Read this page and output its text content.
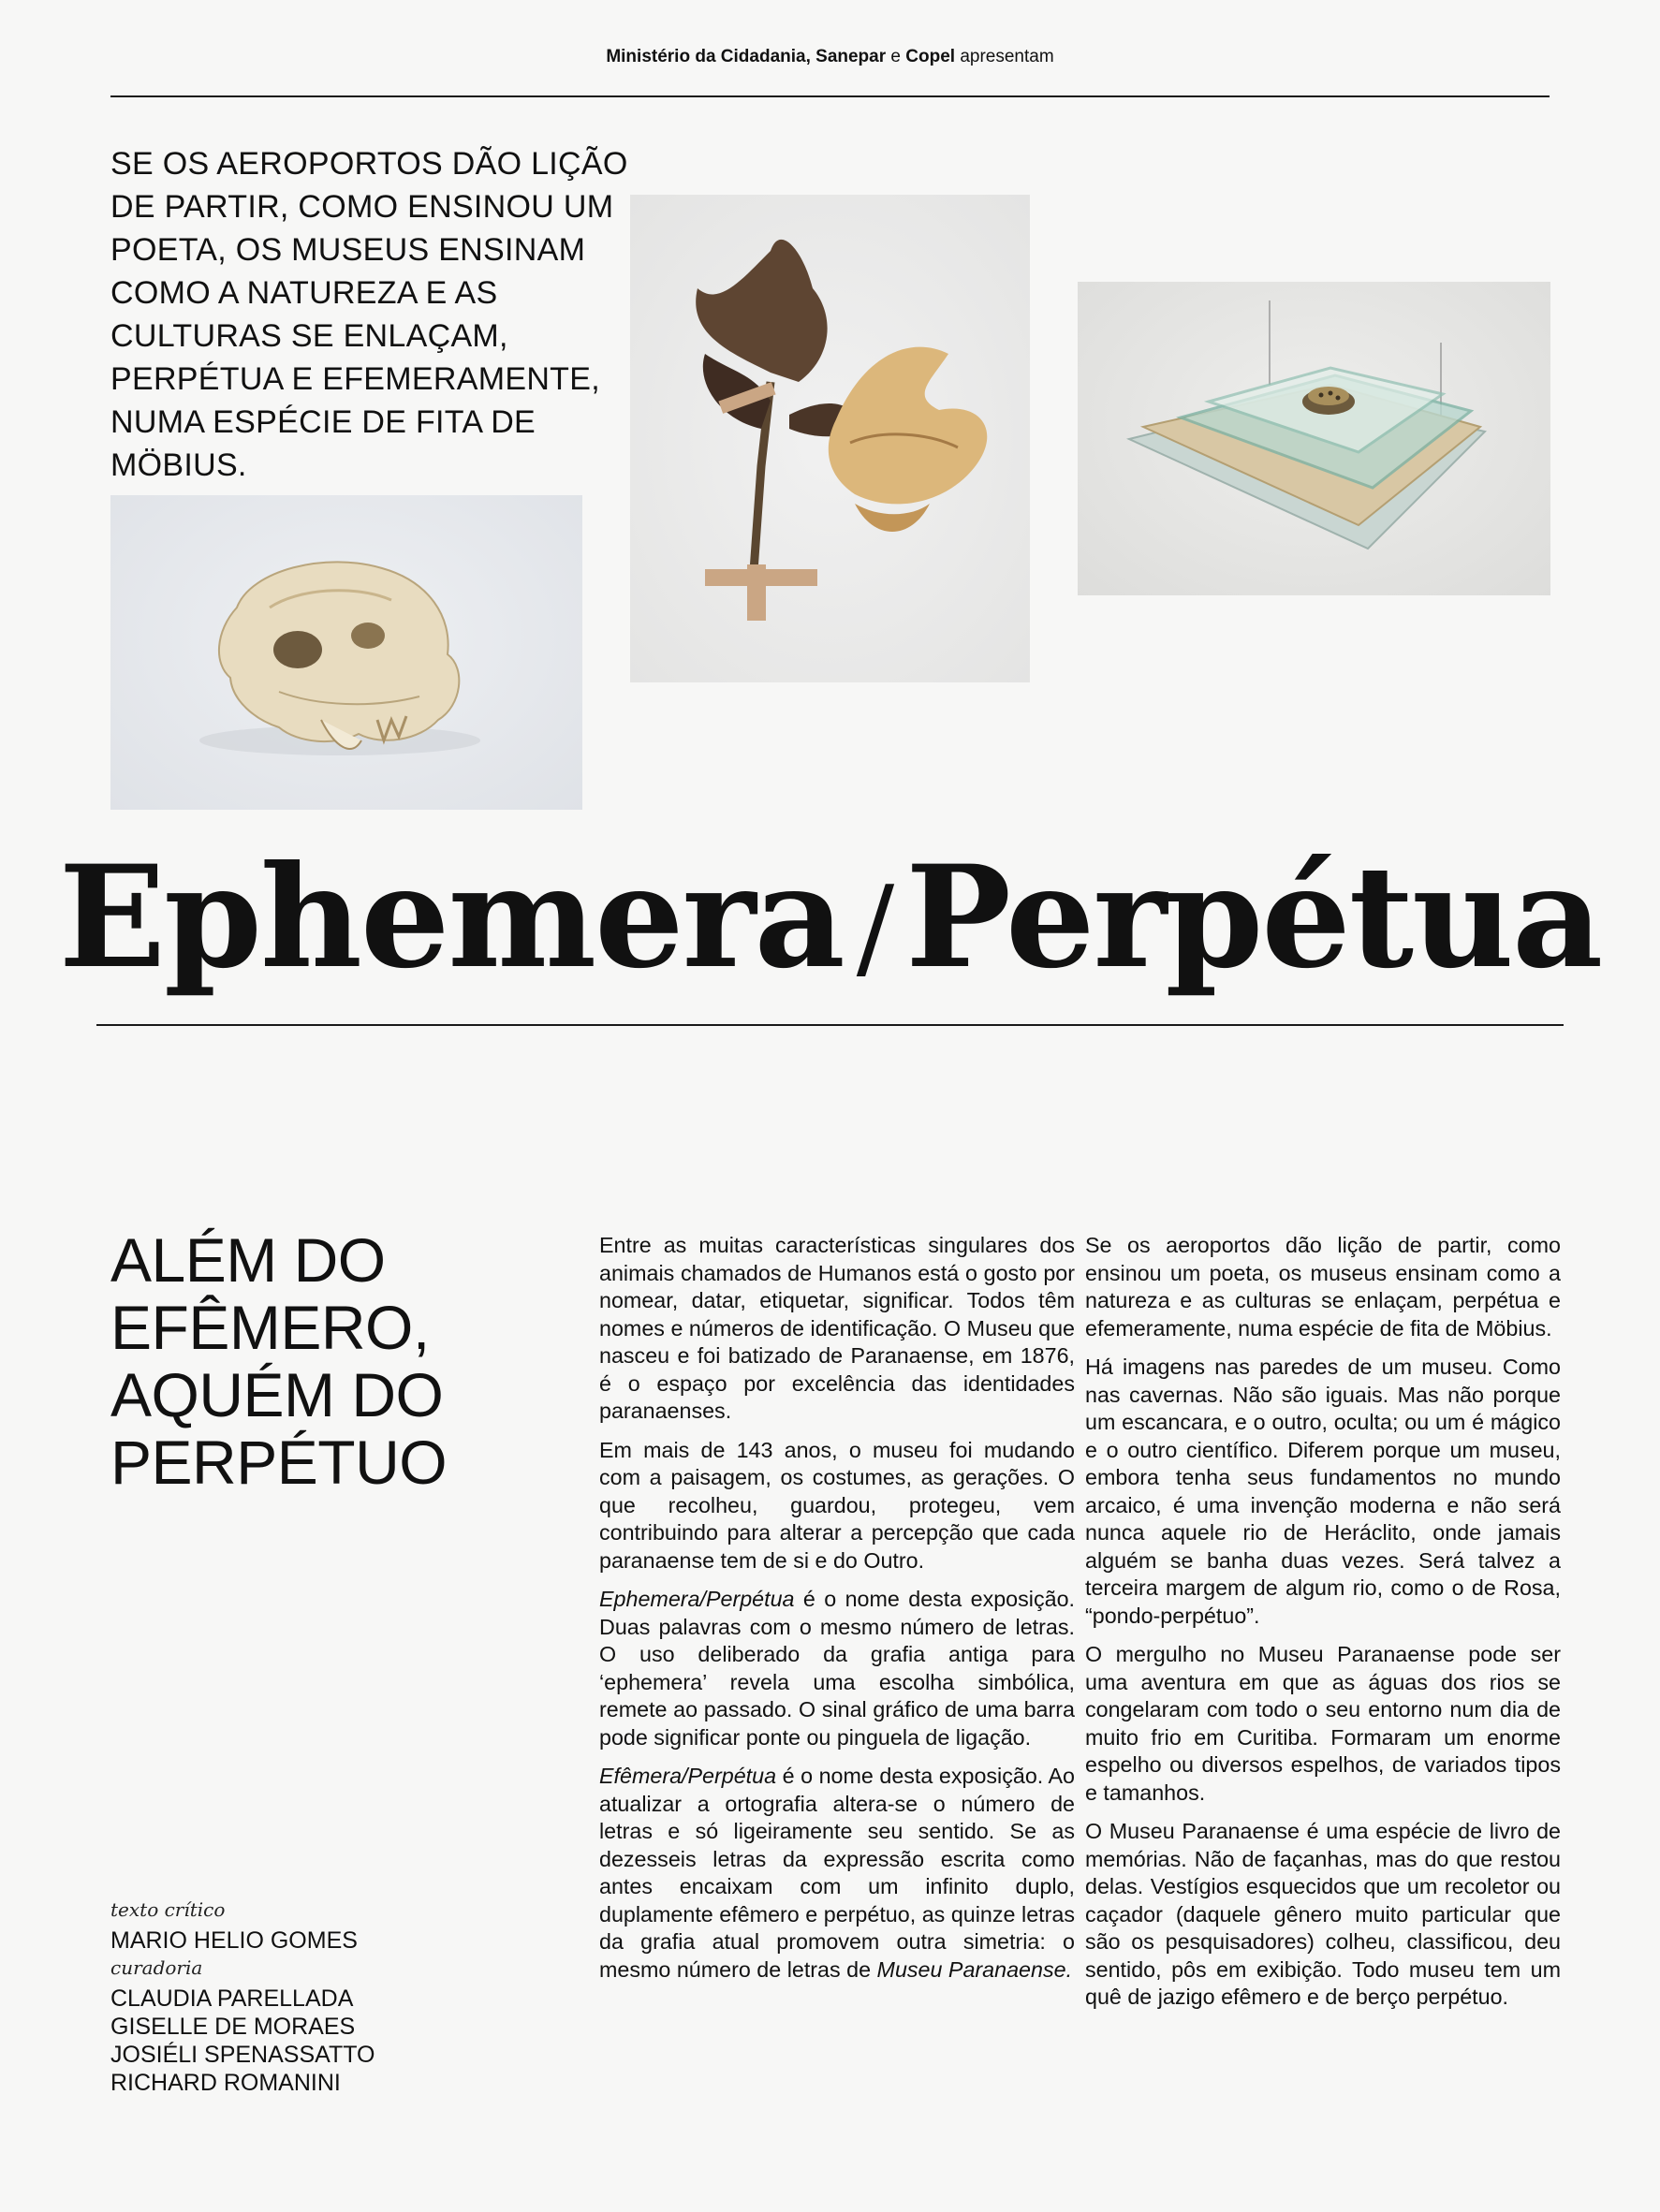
Ministério da Cidadania, Sanepar e Copel apresentam
SE OS AEROPORTOS DÃO LIÇÃO DE PARTIR, COMO ENSINOU UM POETA, OS MUSEUS ENSINAM COMO A NATUREZA E AS CULTURAS SE ENLAÇAM, PERPÉTUA E EFEMERAMENTE, NUMA ESPÉCIE DE FITA DE MÖBIUS.
Ephemera /Perpétua
ALÉM DO EFÊMERO, AQUÉM DO PERPÉTUO
texto crítico
MARIO HELIO GOMES
curadoria
CLAUDIA PARELLADA
GISELLE DE MORAES
JOSIÉLI SPENASSATTO
RICHARD ROMANINI

Entre as muitas características singulares dos animais chamados de Humanos está o gosto por nomear, datar, etiquetar, significar. Todos têm nomes e números de identificação. O Museu que nasceu e foi batizado de Paranaense, em 1876, é o espaço por excelência das identidades paranaenses.

Em mais de 143 anos, o museu foi mudando com a paisagem, os costumes, as gerações. O que recolheu, guardou, protegeu, vem contribuindo para alterar a percepção que cada paranaense tem de si e do Outro.

Ephemera/Perpétua é o nome desta exposição. Duas palavras com o mesmo número de letras. O uso deliberado da grafia antiga para ‘ephemera’ revela uma escolha simbólica, remete ao passado. O sinal gráfico de uma barra pode significar ponte ou pinguela de ligação.

Efêmera/Perpétua é o nome desta exposição. Ao atualizar a ortografia altera-se o número de letras e só ligeiramente seu sentido. Se as dezesseis letras da expressão escrita como antes encaixam com um infinito duplo, duplamente efêmero e perpétuo, as quinze letras da grafia atual promovem outra simetria: o mesmo número de letras de Museu Paranaense.

Se os aeroportos dão lição de partir, como ensinou um poeta, os museus ensinam como a natureza e as culturas se enlaçam, perpétua e efemeramente, numa espécie de fita de Möbius.

Há imagens nas paredes de um museu. Como nas cavernas. Não são iguais. Mas não porque um escancara, e o outro, oculta; ou um é mágico e o outro científico. Diferem porque um museu, embora tenha seus fundamentos no mundo arcaico, é uma invenção moderna e não será nunca aquele rio de Heráclito, onde jamais alguém se banha duas vezes. Será talvez a terceira margem de algum rio, como o de Rosa, “pondo-perpétuo”.

O mergulho no Museu Paranaense pode ser uma aventura em que as águas dos rios se congelaram com todo o seu entorno num dia de muito frio em Curitiba. Formaram um enorme espelho ou diversos espelhos, de variados tipos e tamanhos.

O Museu Paranaense é uma espécie de livro de memórias. Não de façanhas, mas do que restou delas. Vestígios esquecidos que um recoletor ou caçador (daquele gênero muito particular que são os pesquisadores) colheu, classificou, deu sentido, pôs em exibição. Todo museu tem um quê de jazigo efêmero e de berço perpétuo.
